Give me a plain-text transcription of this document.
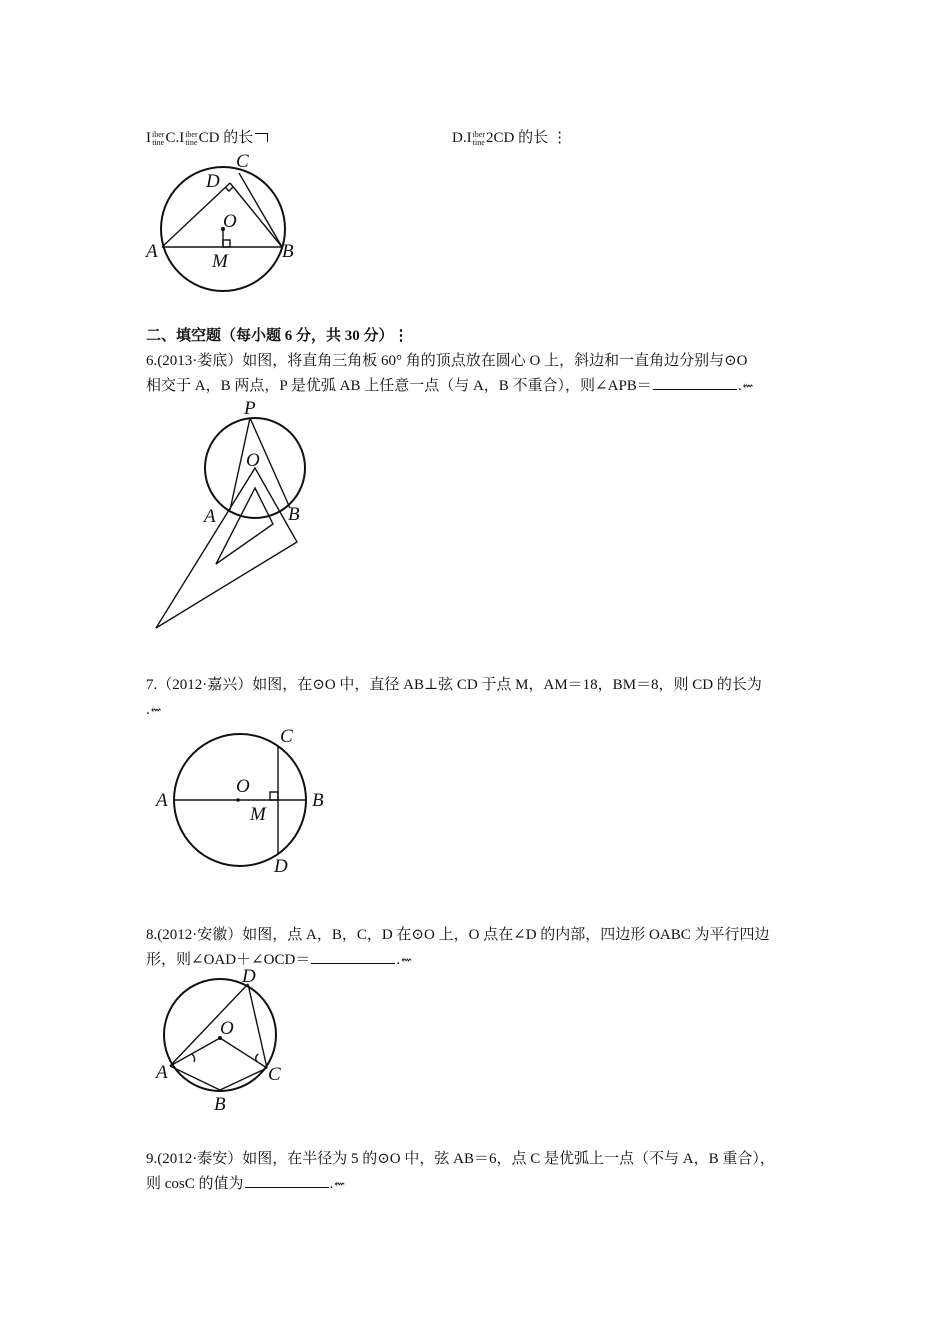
I iber
tine C.I iber
tine CD 的长	D.I iber
tine 2CD 的长 ⋮
C
D
O
A	M	B
二、填空题（每小题 6 分，共 30 分）⋮
6.(2013·娄底）如图，将直角三角板 60° 角的顶点放在圆心 O 上，斜边和一直角边分别与⊙O
相交于 A，B 两点，P 是优弧 AB 上任意一点（与 A，B 不重合），则∠APB＝	.⇜
P
O
A	B
7.（2012·嘉兴）如图，在⊙O 中，直径 AB⊥弦 CD 于点 M，AM＝18，BM＝8，则 CD 的长为
.⇜
C
O
A
M
B
D
8.(2012·安徽）如图，点 A，B，C，D 在⊙O 上，O 点在∠D 的内部，四边形 OABC 为平行四边
形，则∠OAD＋∠OCD＝	.⇜
D
O
A	C
B
9.(2012·泰安）如图，在半径为 5 的⊙O 中，弦 AB＝6，点 C 是优弧上一点（不与 A，B 重合），
则 cosC 的值为	.⇜
